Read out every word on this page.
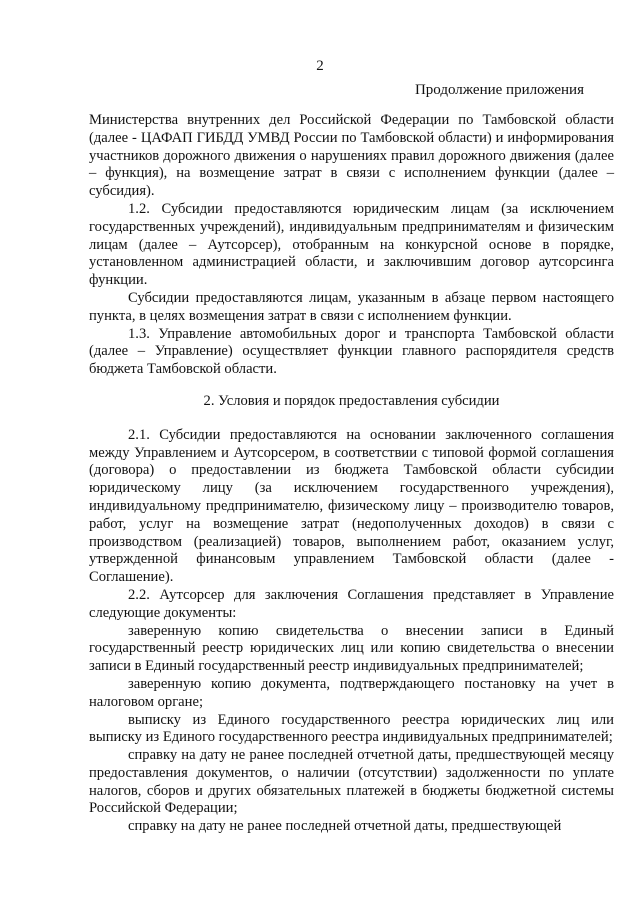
2
Продолжение приложения

Министерства внутренних дел Российской Федерации по Тамбовской области (далее - ЦАФАП ГИБДД УМВД России по Тамбовской области) и информирования участников дорожного движения о нарушениях правил дорожного движения (далее – функция), на возмещение затрат в связи с исполнением функции (далее – субсидия).

1.2. Субсидии предоставляются юридическим лицам (за исключением государственных учреждений), индивидуальным предпринимателям и физическим лицам (далее – Аутсорсер), отобранным на конкурсной основе в порядке, установленном администрацией области, и заключившим договор аутсорсинга функции.

Субсидии предоставляются лицам, указанным в абзаце первом настоящего пункта, в целях возмещения затрат в связи с исполнением функции.

1.3. Управление автомобильных дорог и транспорта Тамбовской области (далее – Управление) осуществляет функции главного распорядителя средств бюджета Тамбовской области.

2. Условия и порядок предоставления субсидии

2.1. Субсидии предоставляются на основании заключенного соглашения между Управлением и Аутсорсером, в соответствии с типовой формой соглашения (договора) о предоставлении из бюджета Тамбовской области субсидии юридическому лицу (за исключением государственного учреждения), индивидуальному предпринимателю, физическому лицу – производителю товаров, работ, услуг на возмещение затрат (недополученных доходов) в связи с производством (реализацией) товаров, выполнением работ, оказанием услуг, утвержденной финансовым управлением Тамбовской области (далее - Соглашение).

2.2. Аутсорсер для заключения Соглашения представляет в Управление следующие документы:

заверенную копию свидетельства о внесении записи в Единый государственный реестр юридических лиц или копию свидетельства о внесении записи в Единый государственный реестр индивидуальных предпринимателей;

заверенную копию документа, подтверждающего постановку на учет в налоговом органе;

выписку из Единого государственного реестра юридических лиц или выписку из Единого государственного реестра индивидуальных предпринимателей;

справку на дату не ранее последней отчетной даты, предшествующей месяцу предоставления документов, о наличии (отсутствии) задолженности по уплате налогов, сборов и других обязательных платежей в бюджеты бюджетной системы Российской Федерации;

справку на дату не ранее последней отчетной даты, предшествующей
